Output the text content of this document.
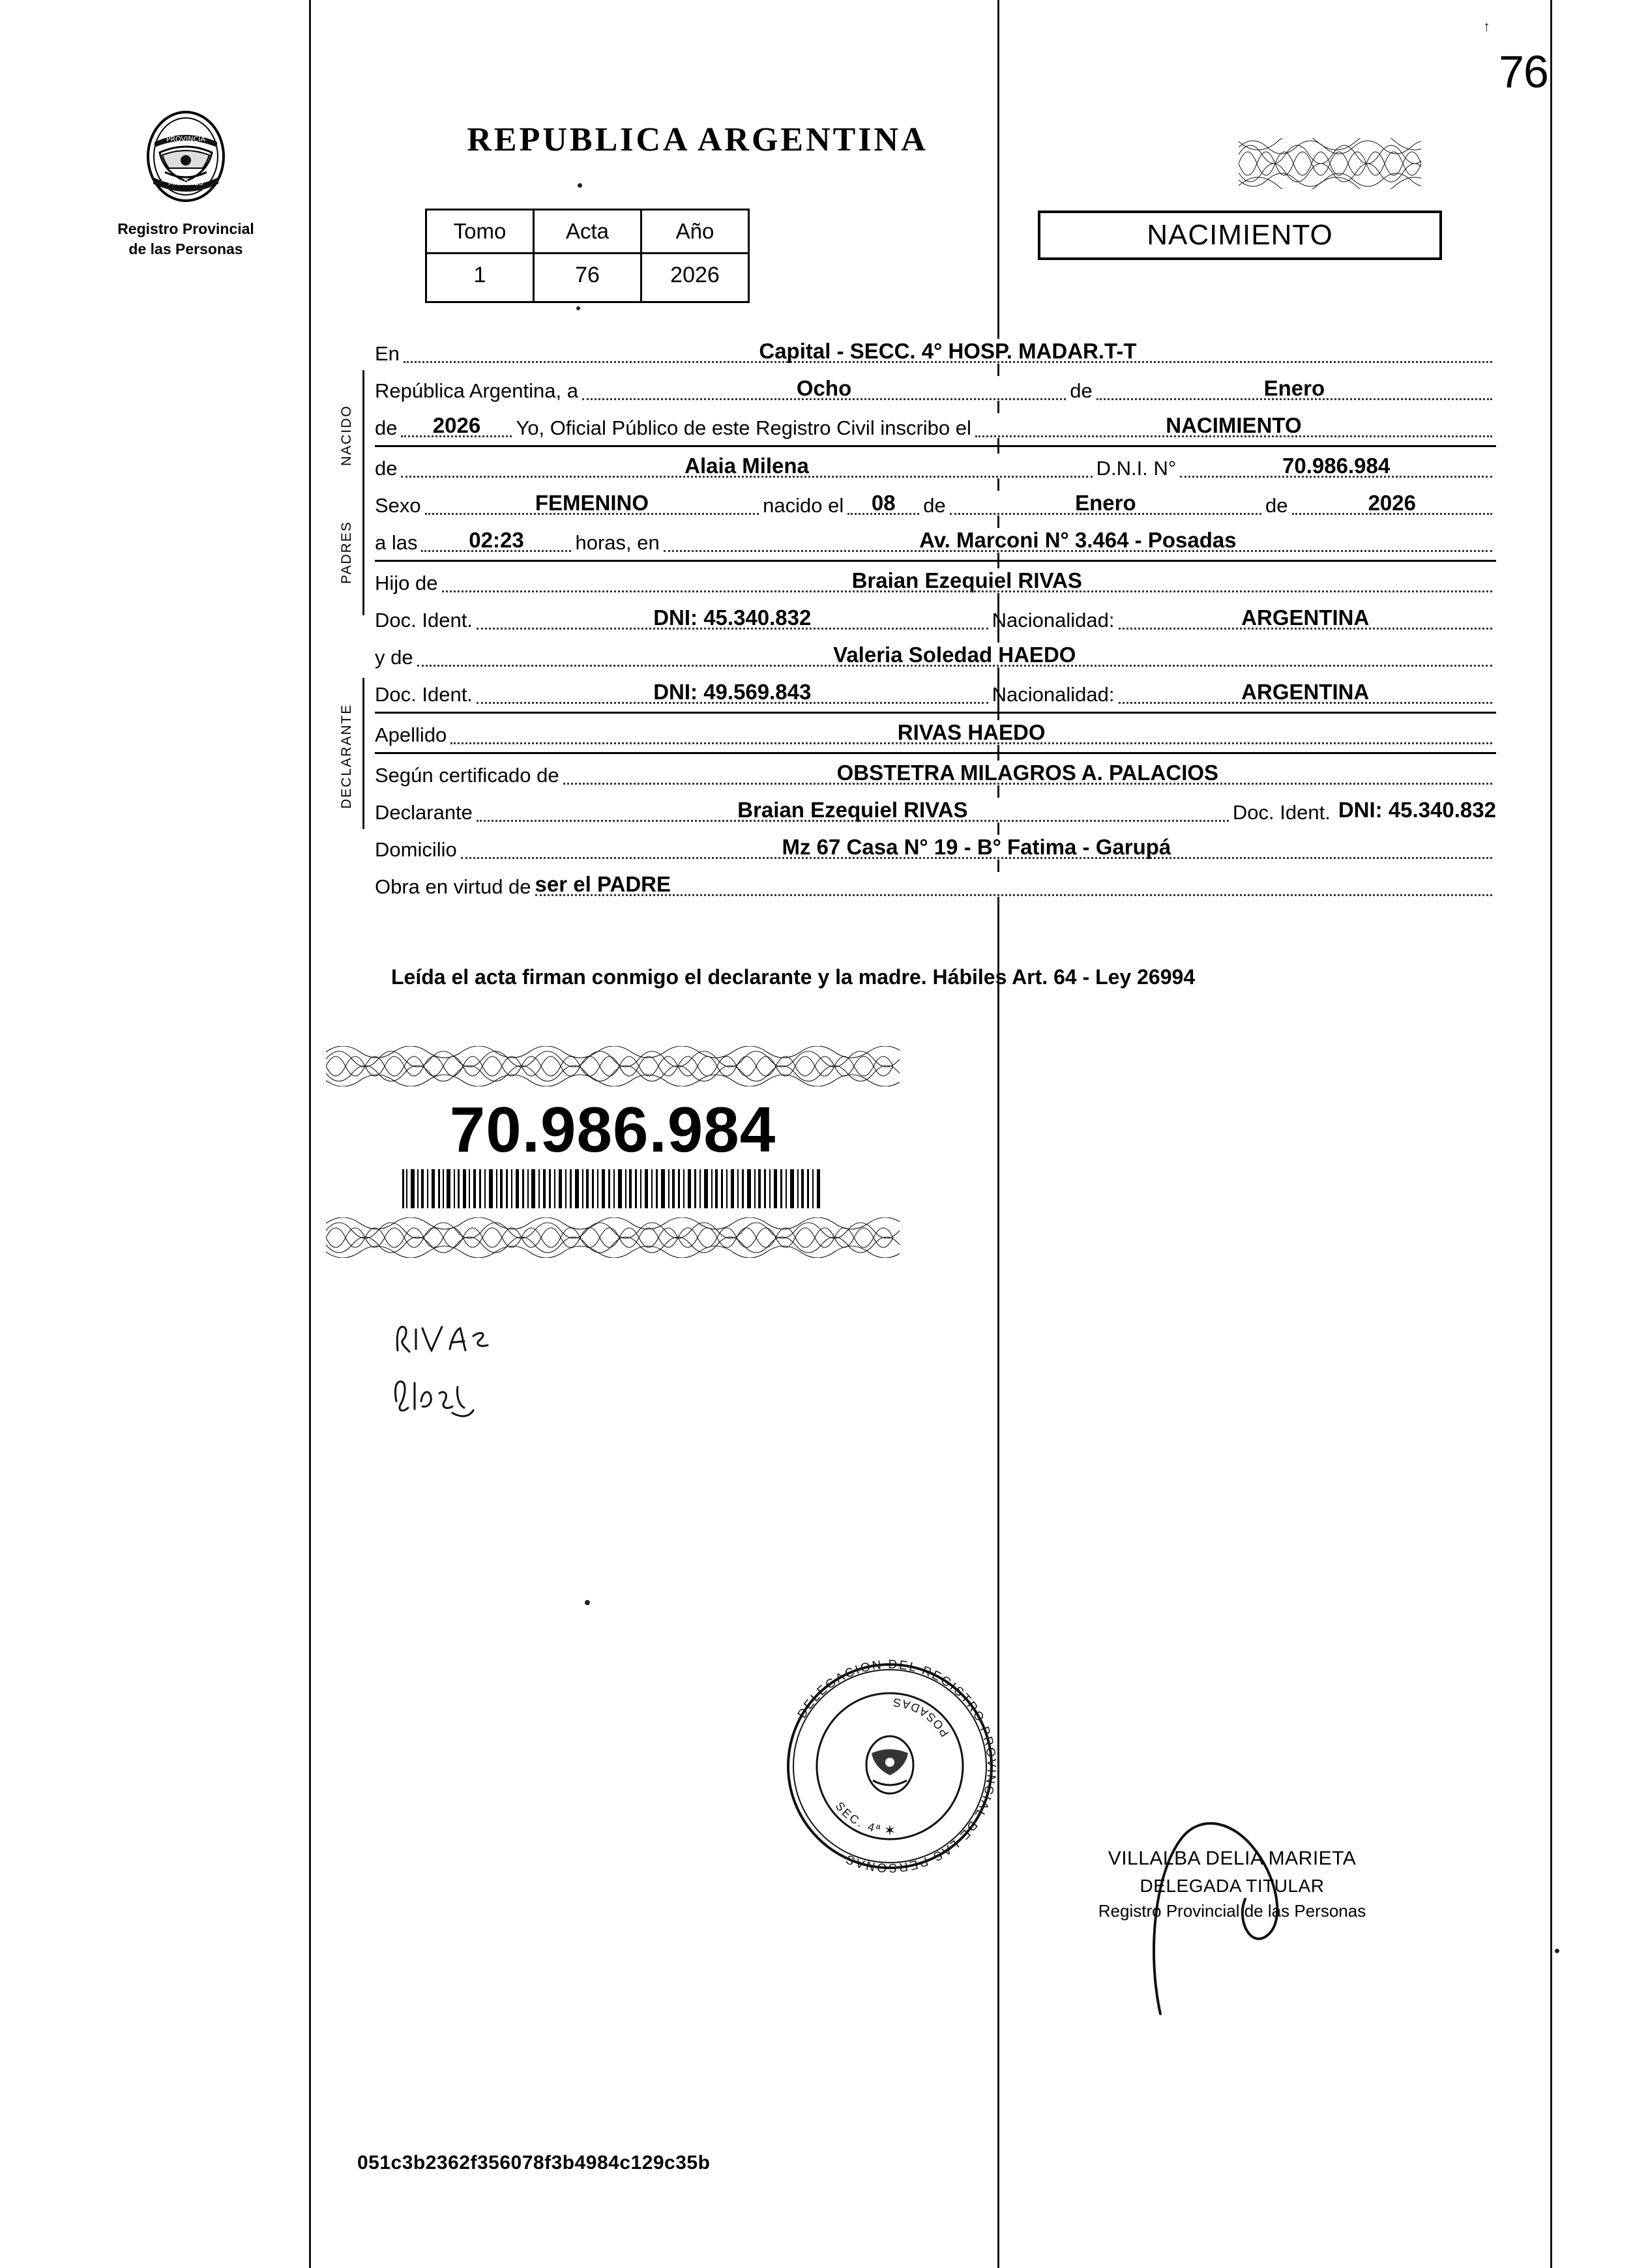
↑
76
PROVINCIA
MISIONES
Registro Provincial
de las Personas
REPUBLICA ARGENTINA
Tomo	Acta	Año
1	76	2026
NACIMIENTO
NACIDO
PADRES
DECLARANTE
En	Capital - SECC. 4° HOSP. MADAR.T-T
República Argentina, a	Ocho	de	Enero
de	2026	Yo, Oficial Público de este Registro Civil inscribo el	NACIMIENTO
de	Alaia Milena	D.N.I. N°	70.986.984
Sexo	FEMENINO	nacido el	08	de	Enero	de	2026
a las	02:23	horas, en	Av. Marconi N° 3.464 - Posadas
Hijo de	Braian Ezequiel RIVAS
Doc. Ident.	DNI: 45.340.832	Nacionalidad:	ARGENTINA
y de	Valeria Soledad HAEDO
Doc. Ident.	DNI: 49.569.843	Nacionalidad:	ARGENTINA
Apellido	RIVAS HAEDO
Según certificado de	OBSTETRA MILAGROS A. PALACIOS
Declarante	Braian Ezequiel RIVAS	Doc. Ident. DNI: 45.340.832
Domicilio	Mz 67 Casa N° 19 - B° Fatima - Garupá
Obra en virtud de ser el PADRE
Leída el acta firman conmigo el declarante y la madre. Hábiles Art. 64 - Ley 26994
70.986.984
DELEGACION DEL REGISTRO PROVINCIAL DE LAS PERSONAS
SEC. 4ª
POSADAS
✶
VILLALBA DELIA MARIETA
DELEGADA TITULAR
Registro Provincial de las Personas
051c3b2362f356078f3b4984c129c35b
